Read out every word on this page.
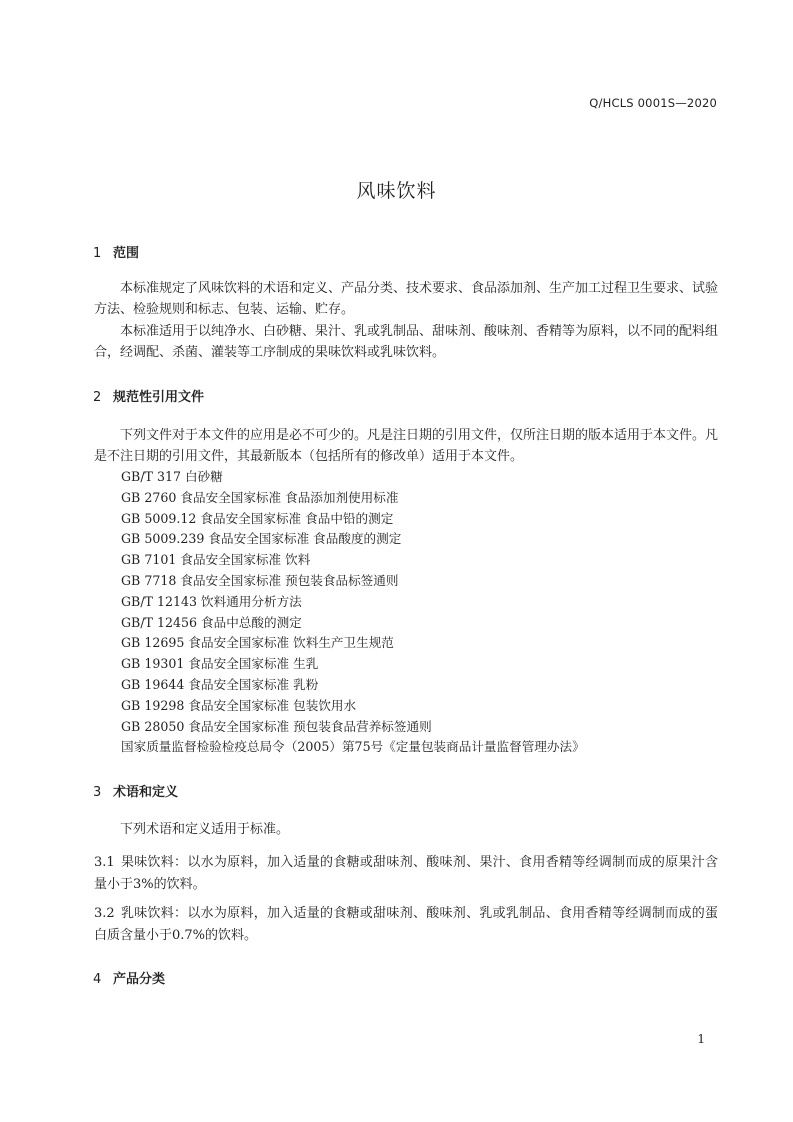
Q/HCLS 0001S—2020
风味饮料
1 范围

本标准规定了风味饮料的术语和定义、产品分类、技术要求、食品添加剂、生产加工过程卫生要求、试验方法、检验规则和标志、包装、运输、贮存。

本标准适用于以纯净水、白砂糖、果汁、乳或乳制品、甜味剂、酸味剂、香精等为原料，以不同的配料组合，经调配、杀菌、灌装等工序制成的果味饮料或乳味饮料。

2 规范性引用文件

下列文件对于本文件的应用是必不可少的。凡是注日期的引用文件，仅所注日期的版本适用于本文件。凡是不注日期的引用文件，其最新版本（包括所有的修改单）适用于本文件。

GB/T 317 白砂糖
GB 2760 食品安全国家标准 食品添加剂使用标准
GB 5009.12 食品安全国家标准 食品中铅的测定
GB 5009.239 食品安全国家标准 食品酸度的测定
GB 7101 食品安全国家标准 饮料
GB 7718 食品安全国家标准 预包装食品标签通则
GB/T 12143 饮料通用分析方法
GB/T 12456 食品中总酸的测定
GB 12695 食品安全国家标准 饮料生产卫生规范
GB 19301 食品安全国家标准 生乳
GB 19644 食品安全国家标准 乳粉
GB 19298 食品安全国家标准 包装饮用水
GB 28050 食品安全国家标准 预包装食品营养标签通则
国家质量监督检验检疫总局令（2005）第75号《定量包装商品计量监督管理办法》
3 术语和定义

下列术语和定义适用于标准。

3.1 果味饮料：以水为原料，加入适量的食糖或甜味剂、酸味剂、果汁、食用香精等经调制而成的原果汁含量小于3%的饮料。

3.2 乳味饮料：以水为原料，加入适量的食糖或甜味剂、酸味剂、乳或乳制品、食用香精等经调制而成的蛋白质含量小于0.7%的饮料。

4 产品分类
1
